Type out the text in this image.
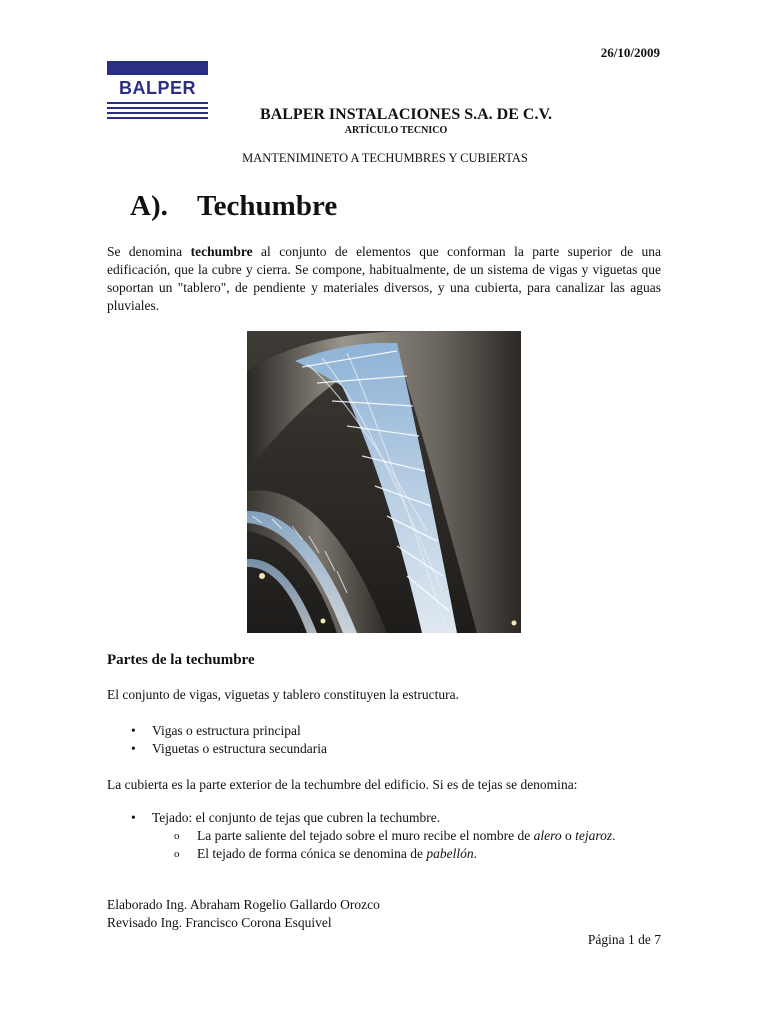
26/10/2009
BALPER
BALPER INSTALACIONES S.A. DE C.V.
ARTÍCULO TECNICO
MANTENIMINETO A TECHUMBRES Y CUBIERTAS
A). Techumbre
Se denomina techumbre al conjunto de elementos que conforman la parte superior de una edificación, que la cubre y cierra. Se compone, habitualmente, de un sistema de vigas y viguetas que soportan un "tablero", de pendiente y materiales diversos, y una cubierta, para canalizar las aguas pluviales.
Partes de la techumbre
El conjunto de vigas, viguetas y tablero constituyen la estructura.
• Vigas o estructura principal
• Viguetas o estructura secundaria
La cubierta es la parte exterior de la techumbre del edificio. Si es de tejas se denomina:
• Tejado: el conjunto de tejas que cubren la techumbre.
o La parte saliente del tejado sobre el muro recibe el nombre de alero o tejaroz.
o El tejado de forma cónica se denomina de pabellón.
Elaborado Ing. Abraham Rogelio Gallardo Orozco
Revisado Ing. Francisco Corona Esquivel
Página 1 de 7
